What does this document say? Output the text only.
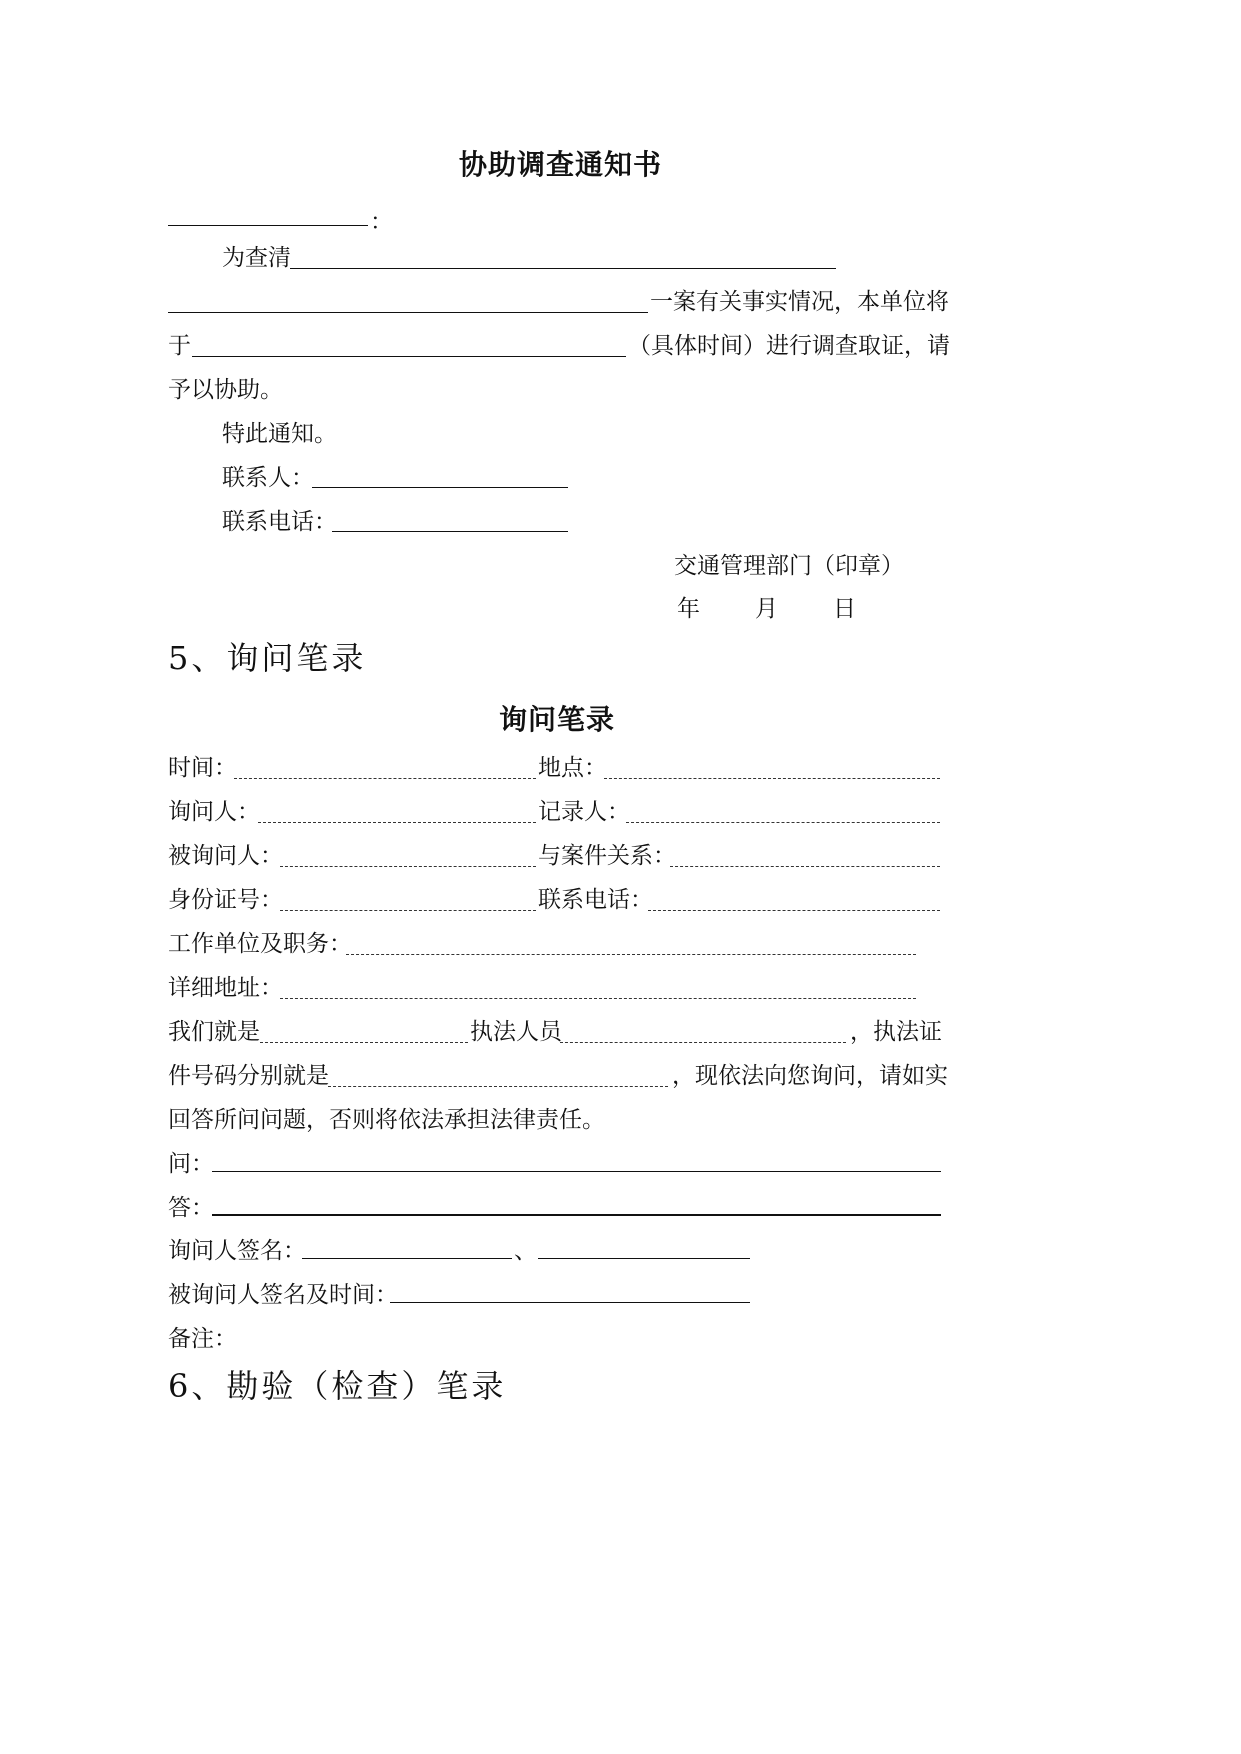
协助调查通知书
：
为查清
一案有关事实情况，本单位将
于	（具体时间）进行调查取证，请
予以协助。
特此通知。
联系人：
联系电话：
交通管理部门（印章）
年 月 日
5、询问笔录
询问笔录
时间：	地点：
询问人：	记录人：
被询问人：	与案件关系：
身份证号：	联系电话：
工作单位及职务：
详细地址：
我们就是	执法人员	，执法证
件号码分别就是	，现依法向您询问，请如实
回答所问问题，否则将依法承担法律责任。
问：
答：
询问人签名：	、
被询问人签名及时间：
备注：
6、勘验（检查）笔录
